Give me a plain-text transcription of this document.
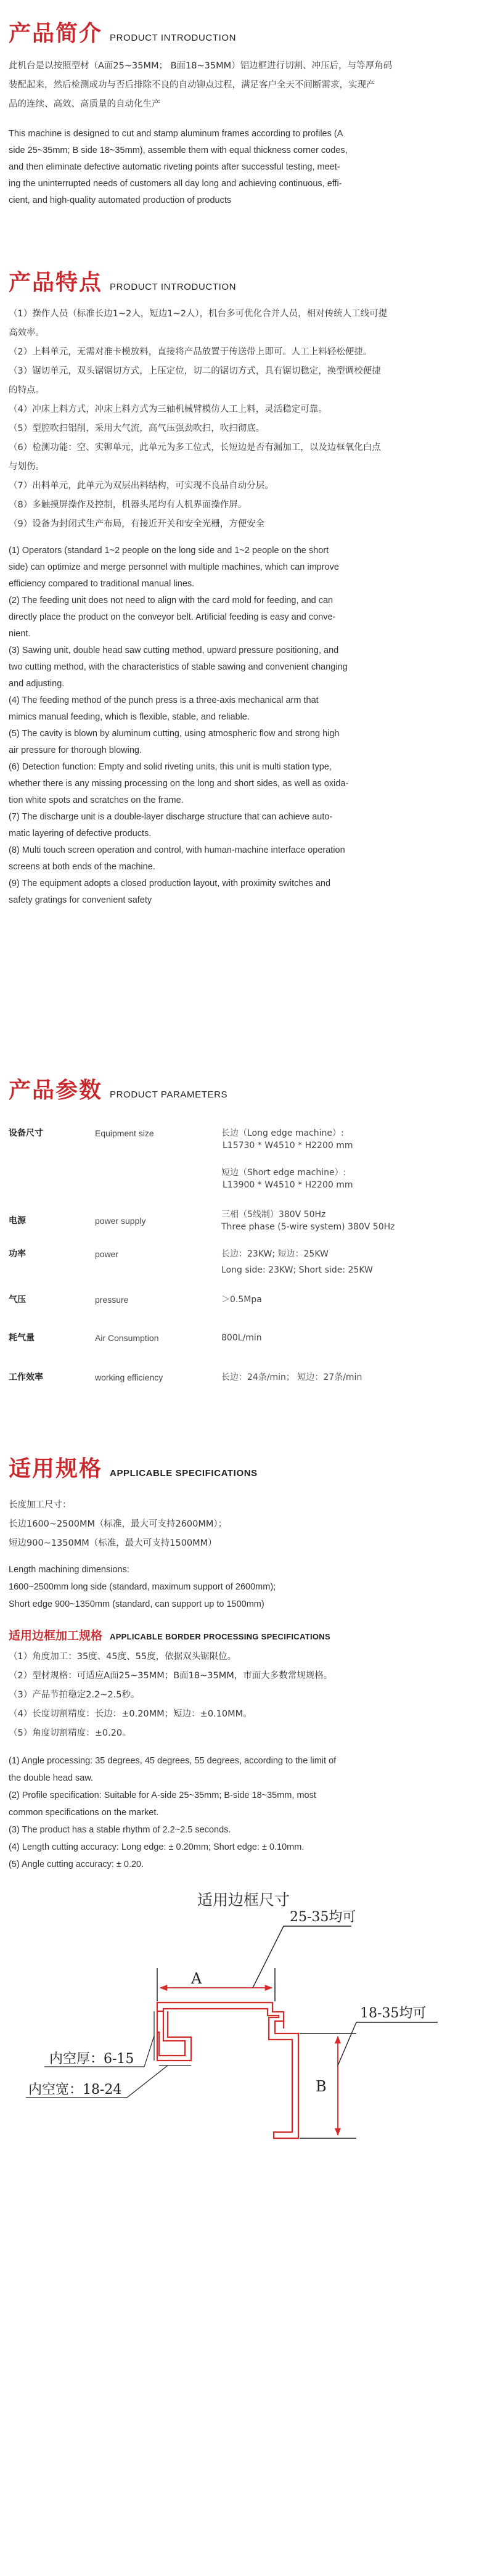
产品简介 PRODUCT INTRODUCTION

此机台是以按照型材（A面25~35MM； B面18~35MM）铝边框进行切割、冲压后，与等厚角码

装配起来，然后检测成功与否后排除不良的自动铆点过程，满足客户全天不间断需求，实现产

品的连续、高效、高质量的自动化生产

This machine is designed to cut and stamp aluminum frames according to profiles (A

side 25~35mm; B side 18~35mm), assemble them with equal thickness corner codes,

and then eliminate defective automatic riveting points after successful testing, meet-

ing the uninterrupted needs of customers all day long and achieving continuous, effi-

cient, and high-quality automated production of products

产品特点 PRODUCT INTRODUCTION

（1）操作人员（标准长边1~2人，短边1~2人），机台多可优化合并人员，相对传统人工线可提

高效率。

（2）上料单元，无需对准卡模放料，直接将产品放置于传送带上即可。人工上料轻松便捷。

（3）锯切单元，双头锯锯切方式，上压定位，切二的锯切方式，具有锯切稳定，换型调校便捷

的特点。

（4）冲床上料方式，冲床上料方式为三轴机械臂模仿人工上料，灵活稳定可靠。

（5）型腔吹扫铝削，采用大气流，高气压强劲吹扫，吹扫彻底。

（6）检测功能：空、实铆单元，此单元为多工位式，长短边是否有漏加工，以及边框氧化白点

与划伤。

（7）出料单元，此单元为双层出料结构，可实现不良品自动分层。

（8）多触摸屏操作及控制，机器头尾均有人机界面操作屏。

（9）设备为封闭式生产布局，有接近开关和安全光栅，方便安全

(1) Operators (standard 1~2 people on the long side and 1~2 people on the short

side) can optimize and merge personnel with multiple machines, which can improve

efficiency compared to traditional manual lines.

(2) The feeding unit does not need to align with the card mold for feeding, and can

directly place the product on the conveyor belt. Artificial feeding is easy and conve-

nient.

(3) Sawing unit, double head saw cutting method, upward pressure positioning, and

two cutting method, with the characteristics of stable sawing and convenient changing

and adjusting.

(4) The feeding method of the punch press is a three-axis mechanical arm that

mimics manual feeding, which is flexible, stable, and reliable.

(5) The cavity is blown by aluminum cutting, using atmospheric flow and strong high

air pressure for thorough blowing.

(6) Detection function: Empty and solid riveting units, this unit is multi station type,

whether there is any missing processing on the long and short sides, as well as oxida-

tion white spots and scratches on the frame.

(7) The discharge unit is a double-layer discharge structure that can achieve auto-

matic layering of defective products.

(8) Multi touch screen operation and control, with human-machine interface operation

screens at both ends of the machine.

(9) The equipment adopts a closed production layout, with proximity switches and

safety gratings for convenient safety

产品参数 PRODUCT PARAMETERS
设备尺寸	Equipment size	长边（Long edge machine）:
L15730 * W4510 * H2200 mm
短边（Short edge machine）:
L13900 * W4510 * H2200 mm
电源	power supply
三相（5线制）380V 50Hz
Three phase (5-wire system) 380V 50Hz
功率	power	长边：23KW; 短边：25KW
Long side: 23KW; Short side: 25KW
气压	pressure	＞0.5Mpa
耗气量	Air Consumption	800L/min
工作效率	working efficiency	长边：24条/min； 短边：27条/min
适用规格 APPLICABLE SPECIFICATIONS

长度加工尺寸：

长边1600~2500MM（标准，最大可支持2600MM）；

短边900~1350MM（标准，最大可支持1500MM）

Length machining dimensions:

1600~2500mm long side (standard, maximum support of 2600mm);

Short edge 900~1350mm (standard, can support up to 1500mm)

适用边框加工规格 APPLICABLE BORDER PROCESSING SPECIFICATIONS

（1）角度加工：35度、45度、55度，依据双头锯限位。

（2）型材规格：可适应A面25~35MM；B面18~35MM，市面大多数常规规格。

（3）产品节拍稳定2.2~2.5秒。

（4）长度切割精度：长边：±0.20MM；短边：±0.10MM。

（5）角度切割精度：±0.20。

(1) Angle processing: 35 degrees, 45 degrees, 55 degrees, according to the limit of

the double head saw.

(2) Profile specification: Suitable for A-side 25~35mm; B-side 18~35mm, most

common specifications on the market.

(3) The product has a stable rhythm of 2.2~2.5 seconds.

(4) Length cutting accuracy: Long edge: ± 0.20mm; Short edge: ± 0.10mm.

(5) Angle cutting accuracy: ± 0.20.

适用边框尺寸
A
25-35均可
B
18-35均可
内空厚：6-15
内空宽：18-24
